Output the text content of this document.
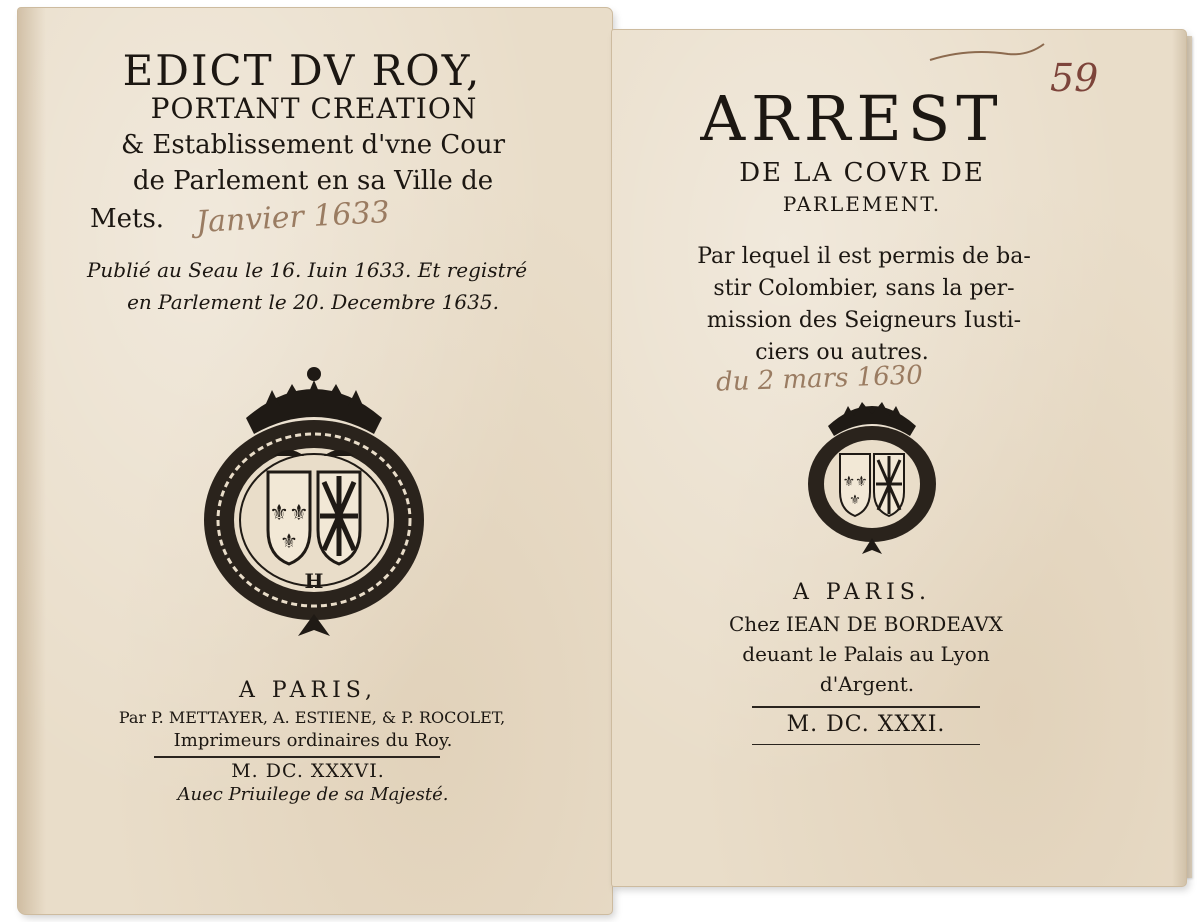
EDICT DV ROY,
PORTANT CREATION
& Establissement d'vne Cour
de Parlement en sa Ville de
Mets.	Janvier 1633
Publié au Seau le 16. Iuin 1633. Et registré
en Parlement le 20. Decembre 1635.
⚜⚜
⚜
H
A PARIS,
Par P. METTAYER, A. ESTIENE, & P. ROCOLET,
Imprimeurs ordinaires du Roy.
M. DC. XXXVI.
Auec Priuilege de sa Majesté.
59
ARREST
DE LA COVR DE
PARLEMENT.
Par lequel il est permis de ba-
stir Colombier, sans la per-
mission des Seigneurs Iusti-
ciers ou autres.
du 2 mars 1630
⚜⚜
⚜
A PARIS.
Chez IEAN DE BORDEAVX
deuant le Palais au Lyon
d'Argent.
M. DC. XXXI.
